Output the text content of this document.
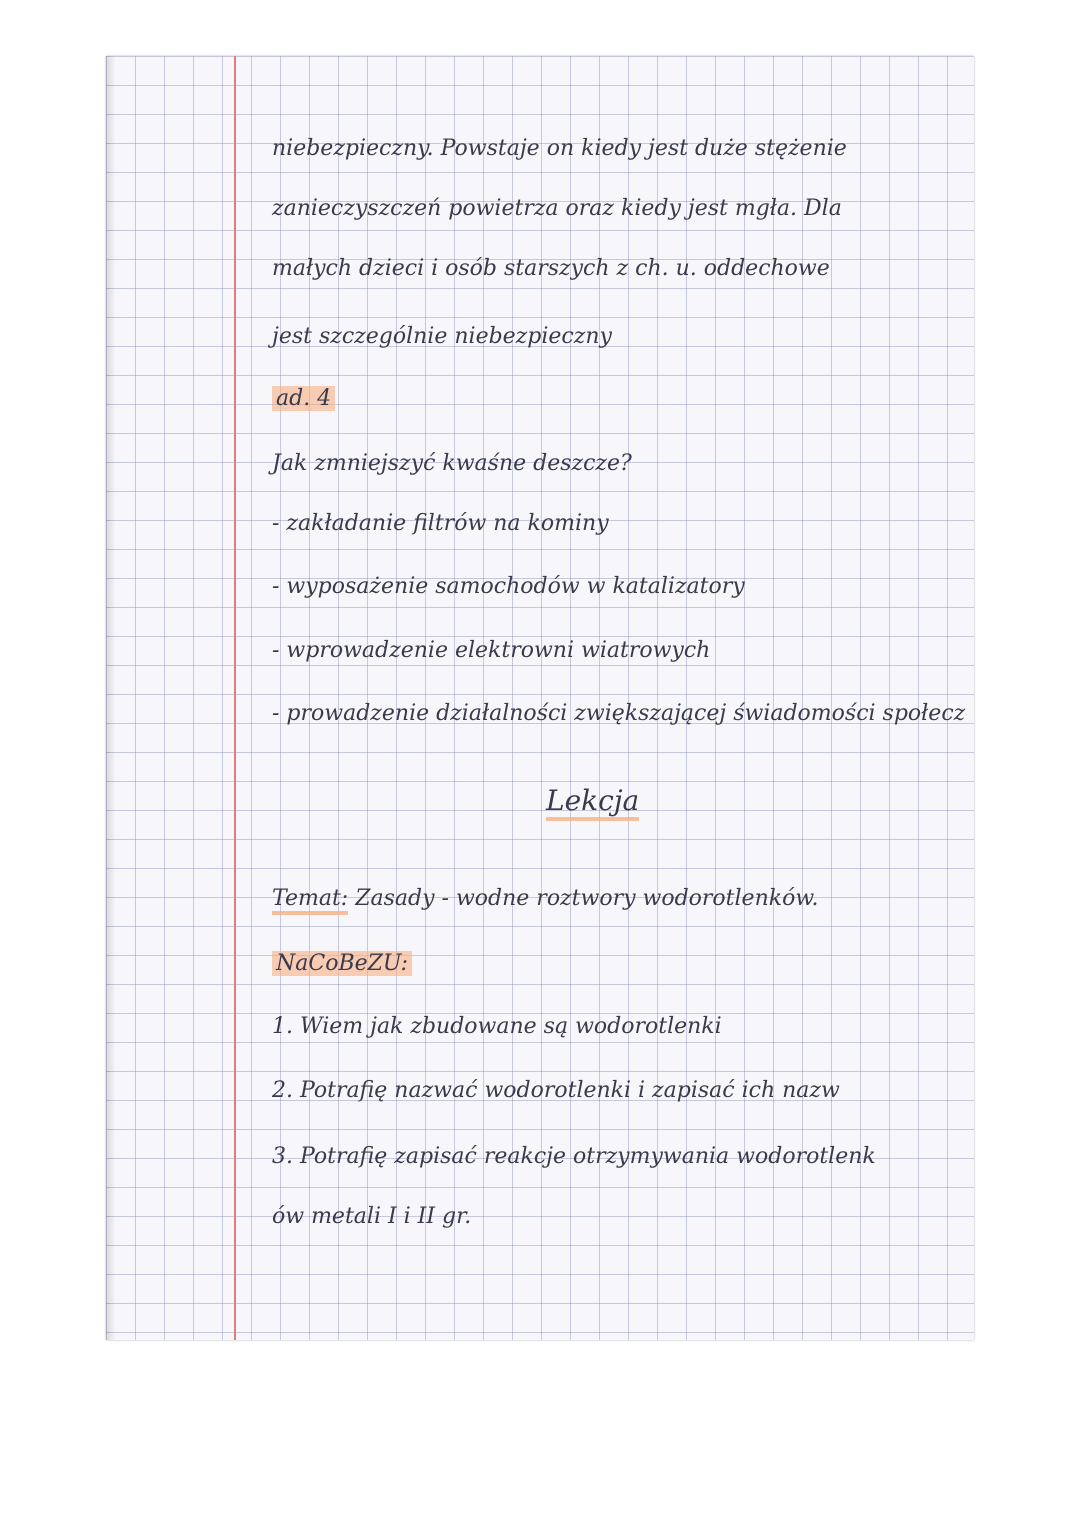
niebezpieczny. Powstaje on kiedy jest duże stężenie
zanieczyszczeń powietrza oraz kiedy jest mgła. Dla
małych dzieci i osób starszych z ch. u. oddechowe
jest szczególnie niebezpieczny
ad. 4
Jak zmniejszyć kwaśne deszcze?
- zakładanie filtrów na kominy
- wyposażenie samochodów w katalizatory
- wprowadzenie elektrowni wiatrowych
- prowadzenie działalności zwiększającej świadomości społecz
Lekcja
Temat: Zasady - wodne roztwory wodorotlenków.
NaCoBeZU:
1. Wiem jak zbudowane są wodorotlenki
2. Potrafię nazwać wodorotlenki i zapisać ich nazw
3. Potrafię zapisać reakcje otrzymywania wodorotlenk
ów metali I i II gr.
